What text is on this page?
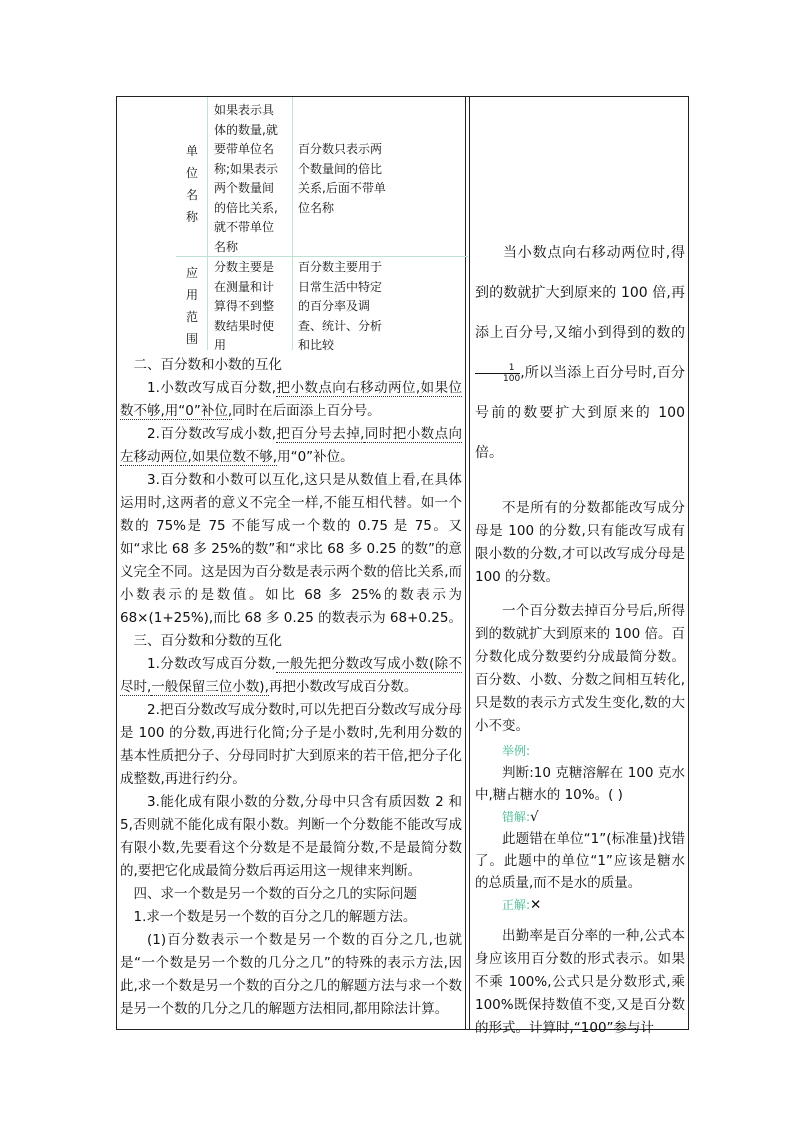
单
位
名
称
如果表示具
体的数量,就
要带单位名
称;如果表示
两个数量间
的倍比关系,
就不带单位
名称
百分数只表示两
个数量间的倍比
关系,后面不带单
位名称
应
用
范
围
分数主要是
在测量和计
算得不到整
数结果时使
用
百分数主要用于
日常生活中特定
的百分率及调
查、统计、分析
和比较

二、百分数和小数的互化

1.小数改写成百分数,把小数点向右移动两位,如果位数不够,用“0”补位,同时在后面添上百分号。

2.百分数改写成小数,把百分号去掉,同时把小数点向左移动两位,如果位数不够,用“0”补位。

3.百分数和小数可以互化,这只是从数值上看,在具体运用时,这两者的意义不完全一样,不能互相代替。如一个数的 75%是 75 不能写成一个数的 0.75 是 75。又如“求比 68 多 25%的数”和“求比 68 多 0.25 的数”的意义完全不同。这是因为百分数是表示两个数的倍比关系,而小数表示的是数值。如比 68 多 25%的数表示为68×(1+25%),而比 68 多 0.25 的数表示为 68+0.25。

三、百分数和分数的互化

1.分数改写成百分数,一般先把分数改写成小数(除不尽时,一般保留三位小数),再把小数改写成百分数。

2.把百分数改写成分数时,可以先把百分数改写成分母是 100 的分数,再进行化简;分子是小数时,先利用分数的基本性质把分子、分母同时扩大到原来的若干倍,把分子化成整数,再进行约分。

3.能化成有限小数的分数,分母中只含有质因数 2 和 5,否则就不能化成有限小数。判断一个分数能不能改写成有限小数,先要看这个分数是不是最简分数,不是最简分数的,要把它化成最简分数后再运用这一规律来判断。

四、求一个数是另一个数的百分之几的实际问题

1.求一个数是另一个数的百分之几的解题方法。

(1)百分数表示一个数是另一个数的百分之几,也就是“一个数是另一个数的几分之几”的特殊的表示方法,因此,求一个数是另一个数的百分之几的解题方法与求一个数是另一个数的几分之几的解题方法相同,都用除法计算。

当小数点向右移动两位时,得到的数就扩大到原来的 100 倍,再添上百分号,又缩小到得到的数的
$\frac{1}{100}$ ,所以当添上百分号时,百分号前的数要扩大到原来的 100 倍。

不是所有的分数都能改写成分母是 100 的分数,只有能改写成有限小数的分数,才可以改写成分母是 100 的分数。

一个百分数去掉百分号后,所得到的数就扩大到原来的 100 倍。百分数化成分数要约分成最简分数。百分数、小数、分数之间相互转化,只是数的表示方式发生变化,数的大小不变。

举例:

判断:10 克糖溶解在 100 克水中,糖占糖水的 10%。( )

错解:√

此题错在单位“1”(标准量)找错了。此题中的单位“1”应该是糖水的总质量,而不是水的质量。

正解:✕

出勤率是百分率的一种,公式本身应该用百分数的形式表示。如果不乘 100%,公式只是分数形式,乘 100%既保持数值不变,又是百分数的形式。计算时,“100”参与计
